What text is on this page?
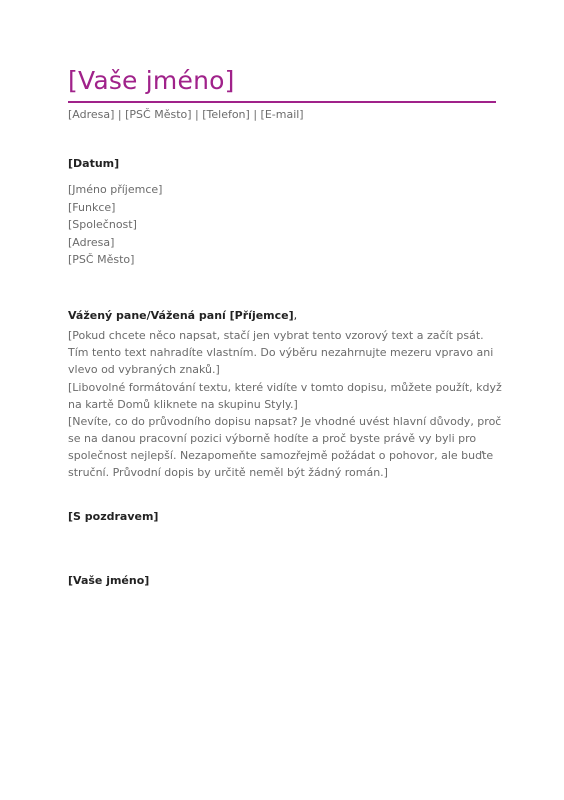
[Vaše jméno]
[Adresa] | [PSČ Město] | [Telefon] | [E-mail]
[Datum]
[Jméno příjemce]
[Funkce]
[Společnost]
[Adresa]
[PSČ Město]
Vážený pane/Vážená paní [Příjemce],

[Pokud chcete něco napsat, stačí jen vybrat tento vzorový text a začít psát. Tím tento text nahradíte vlastním. Do výběru nezahrnujte mezeru vpravo ani vlevo od vybraných znaků.]

[Libovolné formátování textu, které vidíte v tomto dopisu, můžete použít, když na kartě Domů kliknete na skupinu Styly.]

[Nevíte, co do průvodního dopisu napsat? Je vhodné uvést hlavní důvody, proč se na danou pracovní pozici výborně hodíte a proč byste právě vy byli pro společnost nejlepší. Nezapomeňte samozřejmě požádat o pohovor, ale buďte struční. Průvodní dopis by určitě neměl být žádný román.]

[S pozdravem]
[Vaše jméno]
